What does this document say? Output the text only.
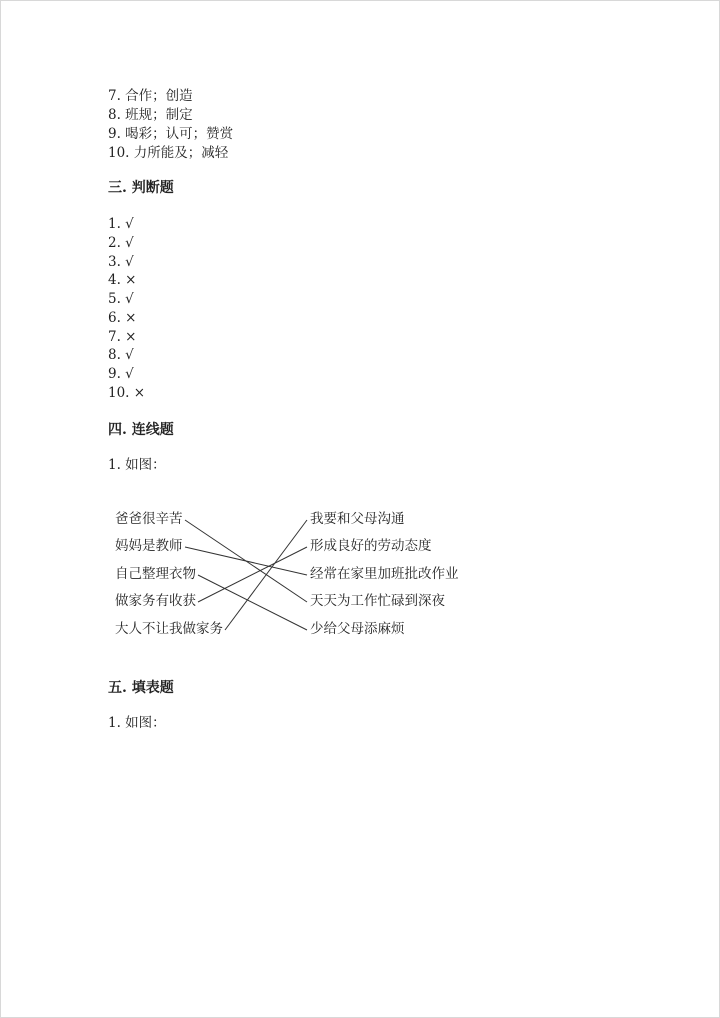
7. 合作；创造
8. 班规；制定
9. 喝彩；认可；赞赏
10. 力所能及；减轻
三. 判断题
1. √
2. √
3. √
4. ×
5. √
6. ×
7. ×
8. √
9. √
10. ×
四. 连线题
1. 如图：
爸爸很辛苦
妈妈是教师
自己整理衣物
做家务有收获
大人不让我做家务
我要和父母沟通
形成良好的劳动态度
经常在家里加班批改作业
天天为工作忙碌到深夜
少给父母添麻烦
五. 填表题
1. 如图：
